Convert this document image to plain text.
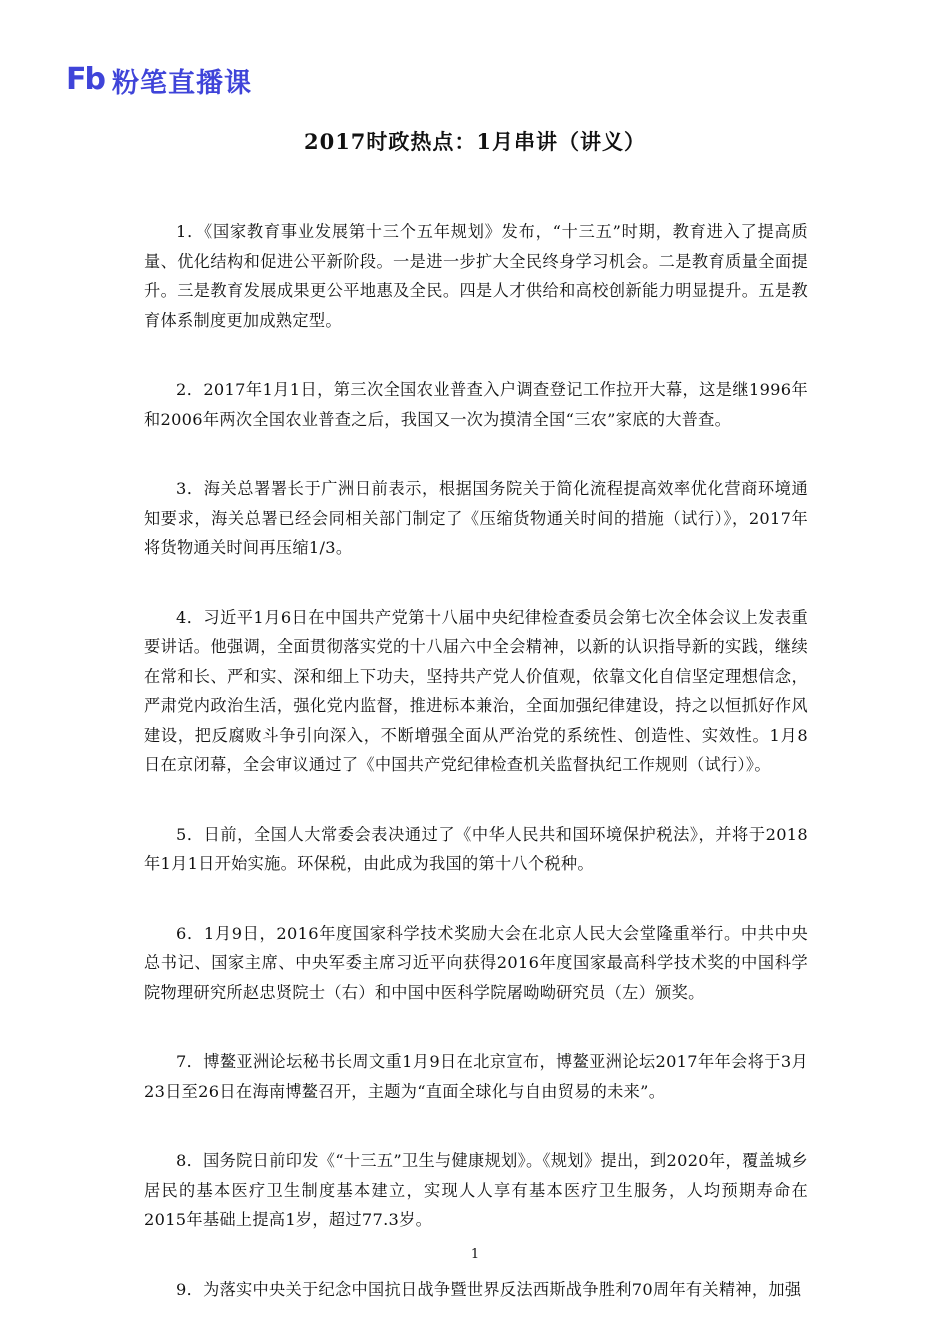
Fb 粉笔直播课
2017时政热点：1月串讲（讲义）

1．《国家教育事业发展第十三个五年规划》发布，“十三五”时期，教育进入了提高质量、优化结构和促进公平新阶段。一是进一步扩大全民终身学习机会。二是教育质量全面提升。三是教育发展成果更公平地惠及全民。四是人才供给和高校创新能力明显提升。五是教育体系制度更加成熟定型。

2．2017年1月1日，第三次全国农业普查入户调查登记工作拉开大幕，这是继1996年和2006年两次全国农业普查之后，我国又一次为摸清全国“三农”家底的大普查。

3．海关总署署长于广洲日前表示，根据国务院关于简化流程提高效率优化营商环境通知要求，海关总署已经会同相关部门制定了《压缩货物通关时间的措施（试行）》，2017年将货物通关时间再压缩1/3。

4．习近平1月6日在中国共产党第十八届中央纪律检查委员会第七次全体会议上发表重要讲话。他强调，全面贯彻落实党的十八届六中全会精神，以新的认识指导新的实践，继续在常和长、严和实、深和细上下功夫，坚持共产党人价值观，依靠文化自信坚定理想信念，严肃党内政治生活，强化党内监督，推进标本兼治，全面加强纪律建设，持之以恒抓好作风建设，把反腐败斗争引向深入，不断增强全面从严治党的系统性、创造性、实效性。1月8日在京闭幕，全会审议通过了《中国共产党纪律检查机关监督执纪工作规则（试行）》。

5．日前，全国人大常委会表决通过了《中华人民共和国环境保护税法》，并将于2018年1月1日开始实施。环保税，由此成为我国的第十八个税种。

6．1月9日，2016年度国家科学技术奖励大会在北京人民大会堂隆重举行。中共中央总书记、国家主席、中央军委主席习近平向获得2016年度国家最高科学技术奖的中国科学院物理研究所赵忠贤院士（右）和中国中医科学院屠呦呦研究员（左）颁奖。

7．博鳌亚洲论坛秘书长周文重1月9日在北京宣布，博鳌亚洲论坛2017年年会将于3月23日至26日在海南博鳌召开，主题为“直面全球化与自由贸易的未来”。

8．国务院日前印发《“十三五”卫生与健康规划》。《规划》提出，到2020年，覆盖城乡居民的基本医疗卫生制度基本建立，实现人人享有基本医疗卫生服务，人均预期寿命在2015年基础上提高1岁，超过77.3岁。

9．为落实中央关于纪念中国抗日战争暨世界反法西斯战争胜利70周年有关精神，加强

1
